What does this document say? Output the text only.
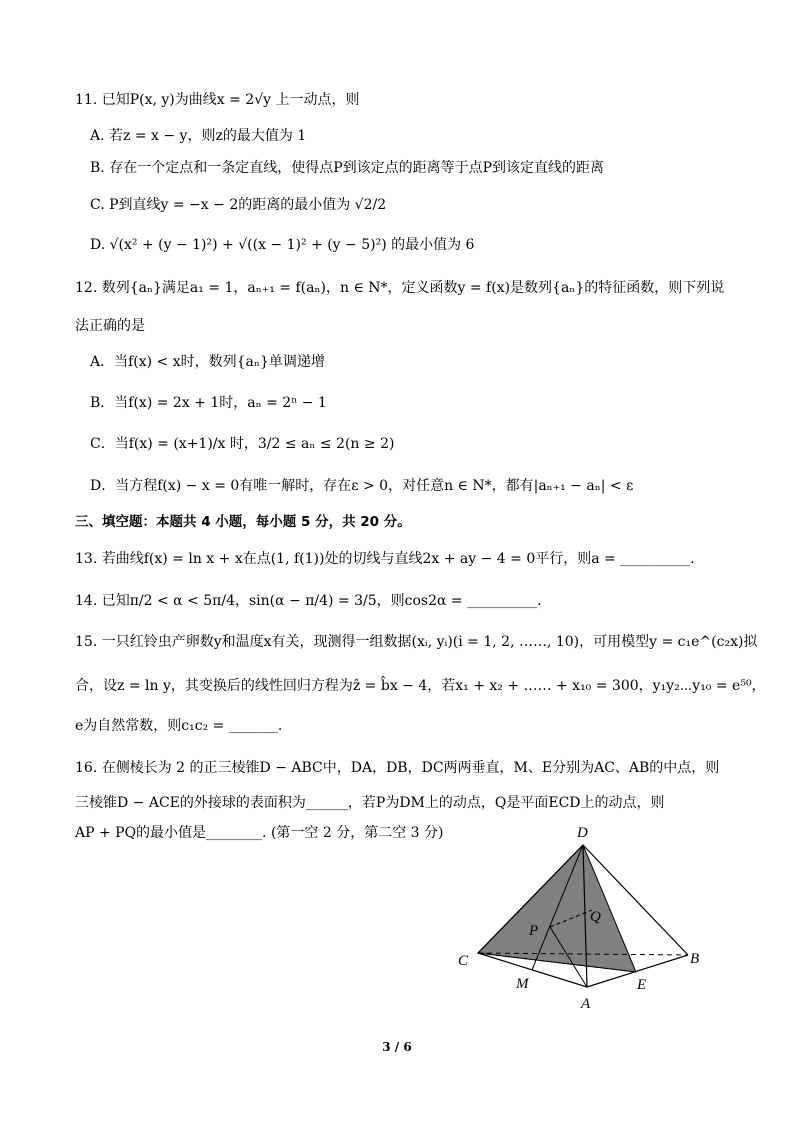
11. 已知P(x, y)为曲线x = 2√y 上一动点，则
A. 若z = x − y，则z的最大值为 1
B. 存在一个定点和一条定直线，使得点P到该定点的距离等于点P到该定直线的距离
C. P到直线y = −x − 2的距离的最小值为 √2/2
D. √(x² + (y − 1)²) + √((x − 1)² + (y − 5)²) 的最小值为 6
12. 数列{aₙ}满足a₁ = 1，aₙ₊₁ = f(aₙ)，n ∈ N*，定义函数y = f(x)是数列{aₙ}的特征函数，则下列说
法正确的是
A．当f(x) < x时，数列{aₙ}单调递增
B．当f(x) = 2x + 1时，aₙ = 2ⁿ − 1
C．当f(x) = (x+1)/x 时，3/2 ≤ aₙ ≤ 2(n ≥ 2)
D．当方程f(x) − x = 0有唯一解时，存在ε > 0，对任意n ∈ N*，都有|aₙ₊₁ − aₙ| < ε
三、填空题：本题共 4 小题，每小题 5 分，共 20 分。
13. 若曲线f(x) = ln x + x在点(1, f(1))处的切线与直线2x + ay − 4 = 0平行，则a = __________.
14. 已知π/2 < α < 5π/4，sin(α − π/4) = 3/5，则cos2α = __________.
15. 一只红铃虫产卵数y和温度x有关，现测得一组数据(xᵢ, yᵢ)(i = 1, 2, ……, 10)，可用模型y = c₁e^(c₂x)拟
合，设z = ln y，其变换后的线性回归方程为ẑ = b̂x − 4，若x₁ + x₂ + …… + x₁₀ = 300，y₁y₂⋯y₁₀ = e⁵⁰，
e为自然常数，则c₁c₂ = _______.
16. 在侧棱长为 2 的正三棱锥D − ABC中，DA，DB，DC两两垂直，M、E分别为AC、AB的中点，则
三棱锥D − ACE的外接球的表面积为______，若P为DM上的动点，Q是平面ECD上的动点，则
AP + PQ的最小值是________. (第一空 2 分，第二空 3 分)	D
C	B
A
M	E
P
Q
3 / 6
